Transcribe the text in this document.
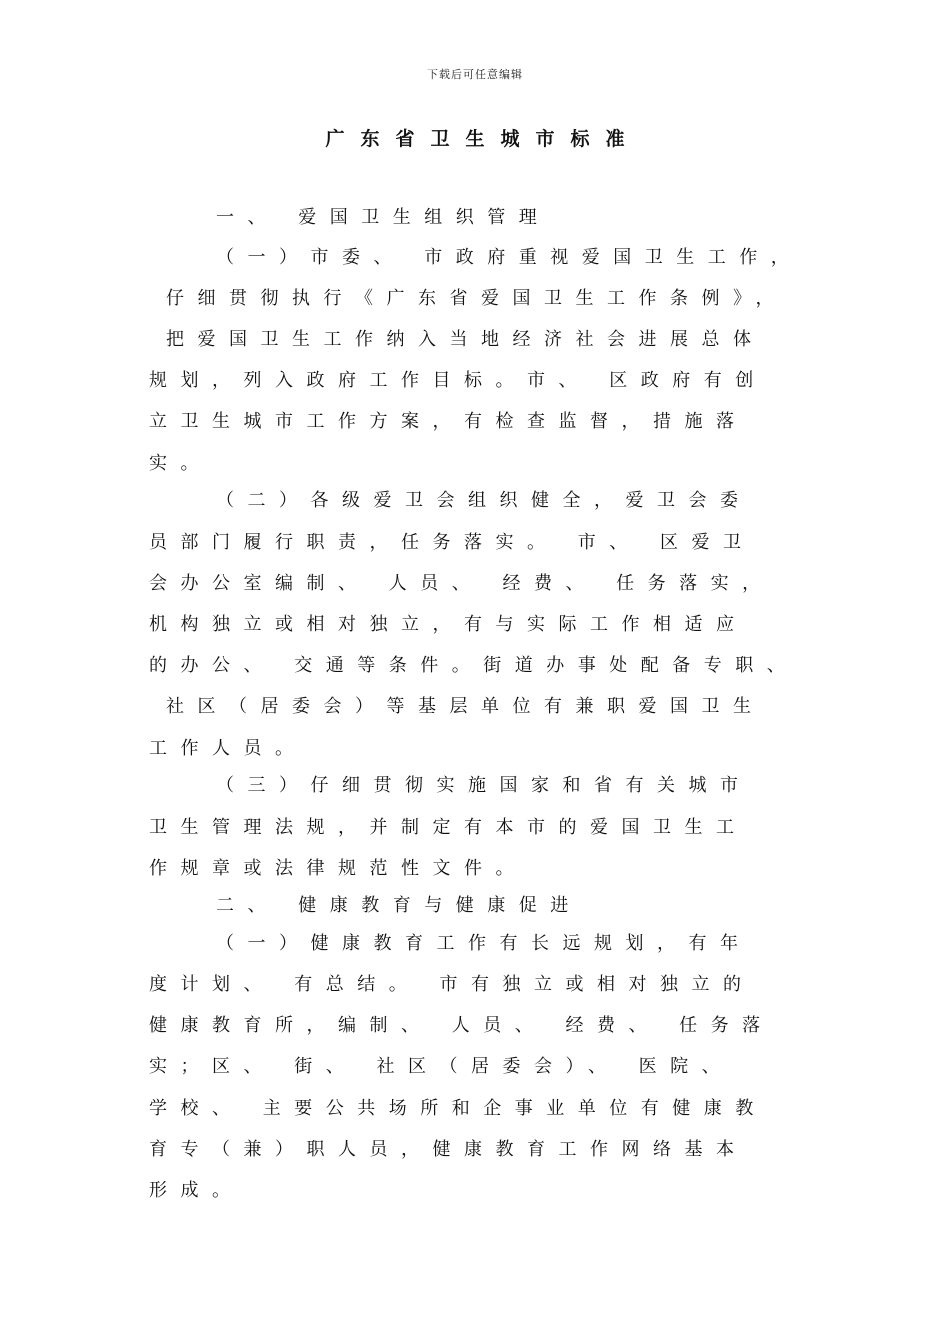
下载后可任意编辑
广东省卫生城市标准
一、 爱国卫生组织管理
（一）市委、 市政府重视爱国卫生工作，
仔细贯彻执行《广东省爱国卫生工作条例》，
把爱国卫生工作纳入当地经济社会进展总体
规划，列入政府工作目标。市、 区政府有创
立卫生城市工作方案，有检查监督，措施落
实。
（二）各级爱卫会组织健全，爱卫会委
员部门履行职责，任务落实。 市、 区爱卫
会办公室编制、 人员、 经费、 任务落实，
机构独立或相对独立，有与实际工作相适应
的办公、 交通等条件。街道办事处配备专职、
社区（居委会）等基层单位有兼职爱国卫生
工作人员。
（三）仔细贯彻实施国家和省有关城市
卫生管理法规，并制定有本市的爱国卫生工
作规章或法律规范性文件。
二、 健康教育与健康促进
（一）健康教育工作有长远规划，有年
度计划、 有总结。 市有独立或相对独立的
健康教育所，编制、 人员、 经费、 任务落
实；区、 街、 社区（居委会）、 医院、
学校、 主要公共场所和企事业单位有健康教
育专（兼）职人员，健康教育工作网络基本
形成。
